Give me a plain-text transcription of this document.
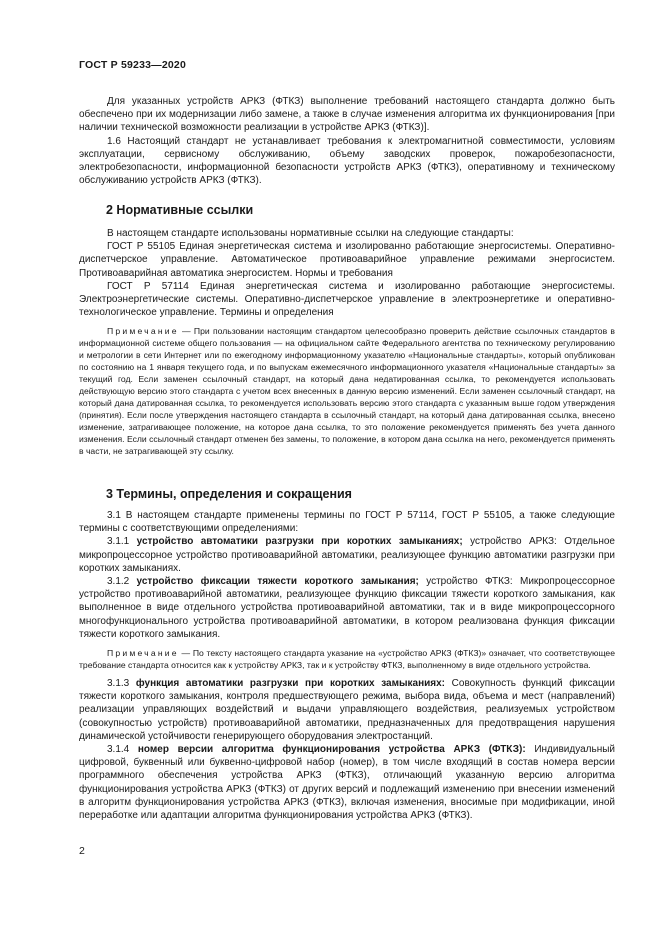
ГОСТ Р 59233—2020

Для указанных устройств АРКЗ (ФТКЗ) выполнение требований настоящего стандарта должно быть обеспечено при их модернизации либо замене, а также в случае изменения алгоритма их функционирования [при наличии технической возможности реализации в устройстве АРКЗ (ФТКЗ)].

1.6 Настоящий стандарт не устанавливает требования к электромагнитной совместимости, условиям эксплуатации, сервисному обслуживанию, объему заводских проверок, пожаробезопасности, электробезопасности, информационной безопасности устройств АРКЗ (ФТКЗ), оперативному и техническому обслуживанию устройств АРКЗ (ФТКЗ).

2 Нормативные ссылки

В настоящем стандарте использованы нормативные ссылки на следующие стандарты:

ГОСТ Р 55105 Единая энергетическая система и изолированно работающие энергосистемы. Оперативно-диспетчерское управление. Автоматическое противоаварийное управление режимами энергосистем. Противоаварийная автоматика энергосистем. Нормы и требования

ГОСТ Р 57114 Единая энергетическая система и изолированно работающие энергосистемы. Электроэнергетические системы. Оперативно-диспетчерское управление в электроэнергетике и оперативно-технологическое управление. Термины и определения

Примечание — При пользовании настоящим стандартом целесообразно проверить действие ссылочных стандартов в информационной системе общего пользования — на официальном сайте Федерального агентства по техническому регулированию и метрологии в сети Интернет или по ежегодному информационному указателю «Национальные стандарты», который опубликован по состоянию на 1 января текущего года, и по выпускам ежемесячного информационного указателя «Национальные стандарты» за текущий год. Если заменен ссылочный стандарт, на который дана недатированная ссылка, то рекомендуется использовать действующую версию этого стандарта с учетом всех внесенных в данную версию изменений. Если заменен ссылочный стандарт, на который дана датированная ссылка, то рекомендуется использовать версию этого стандарта с указанным выше годом утверждения (принятия). Если после утверждения настоящего стандарта в ссылочный стандарт, на который дана датированная ссылка, внесено изменение, затрагивающее положение, на которое дана ссылка, то это положение рекомендуется применять без учета данного изменения. Если ссылочный стандарт отменен без замены, то положение, в котором дана ссылка на него, рекомендуется применять в части, не затрагивающей эту ссылку.

3 Термины, определения и сокращения

3.1 В настоящем стандарте применены термины по ГОСТ Р 57114, ГОСТ Р 55105, а также следующие термины с соответствующими определениями:

3.1.1 устройство автоматики разгрузки при коротких замыканиях; устройство АРКЗ: Отдельное микропроцессорное устройство противоаварийной автоматики, реализующее функцию автоматики разгрузки при коротких замыканиях.

3.1.2 устройство фиксации тяжести короткого замыкания; устройство ФТКЗ: Микропроцессорное устройство противоаварийной автоматики, реализующее функцию фиксации тяжести короткого замыкания, как выполненное в виде отдельного устройства противоаварийной автоматики, так и в виде микропроцессорного многофункционального устройства противоаварийной автоматики, в котором реализована функция фиксации тяжести короткого замыкания.

Примечание — По тексту настоящего стандарта указание на «устройство АРКЗ (ФТКЗ)» означает, что соответствующее требование стандарта относится как к устройству АРКЗ, так и к устройству ФТКЗ, выполненному в виде отдельного устройства.

3.1.3 функция автоматики разгрузки при коротких замыканиях: Совокупность функций фиксации тяжести короткого замыкания, контроля предшествующего режима, выбора вида, объема и мест (направлений) реализации управляющих воздействий и выдачи управляющего воздействия, реализуемых устройством (совокупностью устройств) противоаварийной автоматики, предназначенных для предотвращения нарушения динамической устойчивости генерирующего оборудования электростанций.

3.1.4 номер версии алгоритма функционирования устройства АРКЗ (ФТКЗ): Индивидуальный цифровой, буквенный или буквенно-цифровой набор (номер), в том числе входящий в состав номера версии программного обеспечения устройства АРКЗ (ФТКЗ), отличающий указанную версию алгоритма функционирования устройства АРКЗ (ФТКЗ) от других версий и подлежащий изменению при внесении изменений в алгоритм функционирования устройства АРКЗ (ФТКЗ), включая изменения, вносимые при модификации, иной переработке или адаптации алгоритма функционирования устройства АРКЗ (ФТКЗ).

2
